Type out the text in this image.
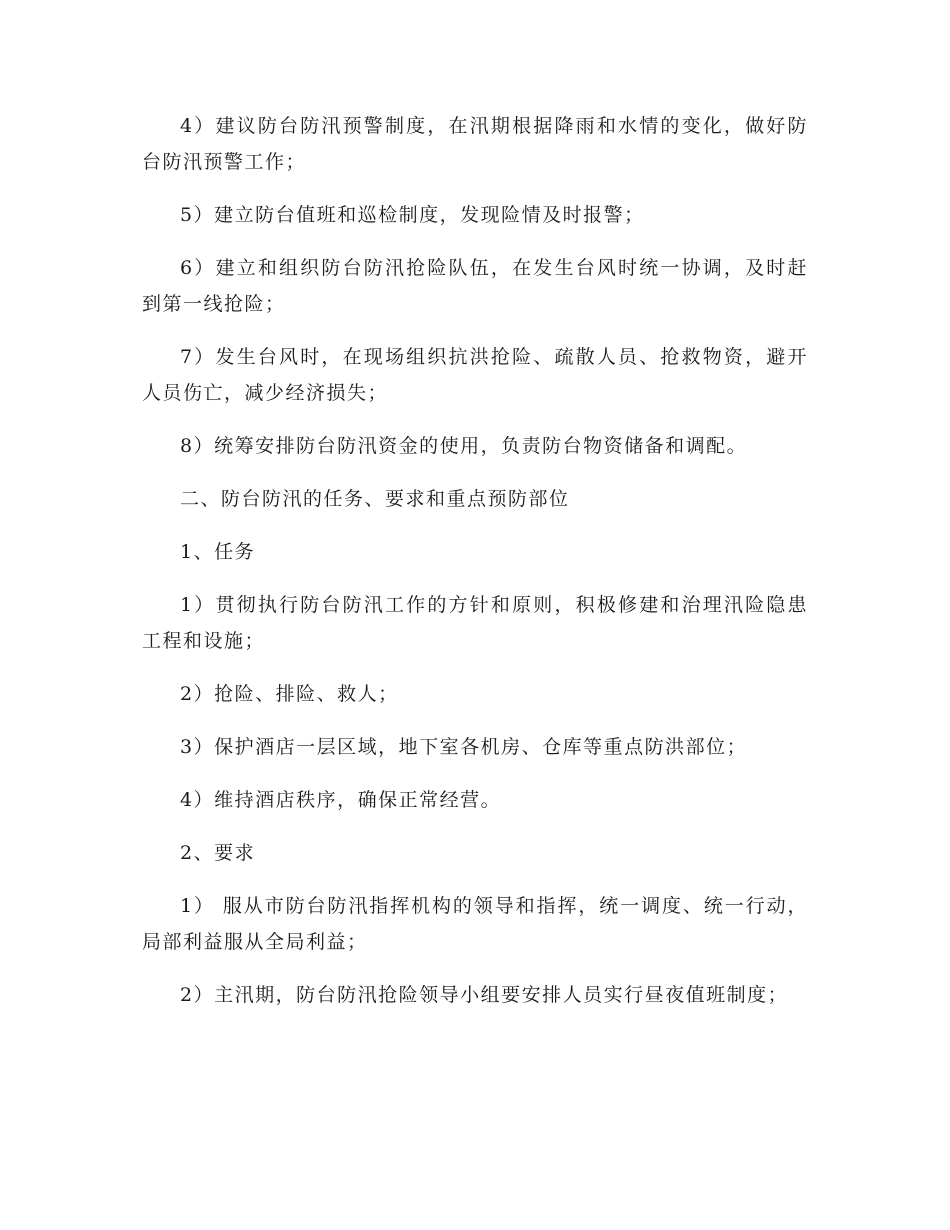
4）建议防台防汛预警制度，在汛期根据降雨和水情的变化，做好防台防汛预警工作；

5）建立防台值班和巡检制度，发现险情及时报警；

6）建立和组织防台防汛抢险队伍，在发生台风时统一协调，及时赶到第一线抢险；

7）发生台风时，在现场组织抗洪抢险、疏散人员、抢救物资，避开人员伤亡，减少经济损失；

8）统筹安排防台防汛资金的使用，负责防台物资储备和调配。

二、防台防汛的任务、要求和重点预防部位

1、任务

1）贯彻执行防台防汛工作的方针和原则，积极修建和治理汛险隐患工程和设施；

2）抢险、排险、救人；

3）保护酒店一层区域，地下室各机房、仓库等重点防洪部位；

4）维持酒店秩序，确保正常经营。

2、要求

1） 服从市防台防汛指挥机构的领导和指挥，统一调度、统一行动，局部利益服从全局利益；

2）主汛期，防台防汛抢险领导小组要安排人员实行昼夜值班制度；
